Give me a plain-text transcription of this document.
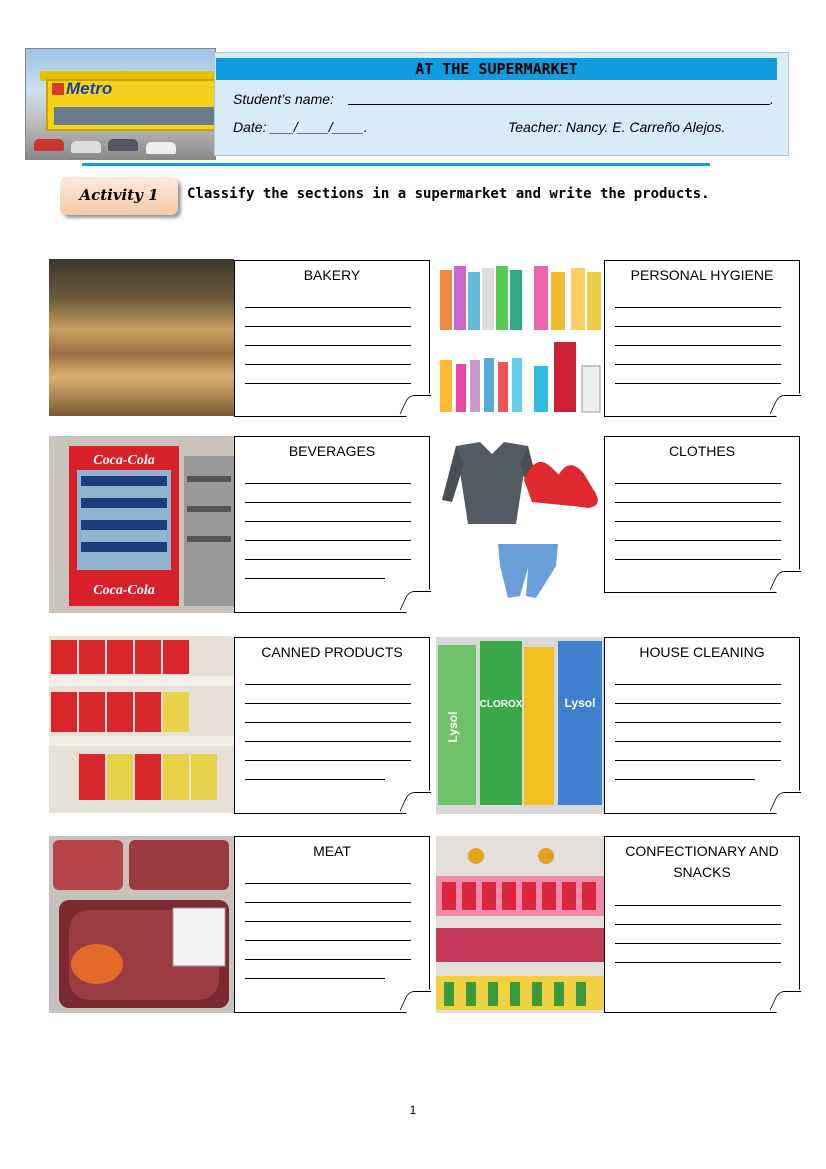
Metro
AT THE SUPERMARKET
Student’s name:	.
Date: ___/____/____.	Teacher: Nancy. E. Carreño Alejos.
Activity 1	Classify the sections in a supermarket and write the products.
BAKERY	PERSONAL HYGIENE
Coca-Cola
Coca-Cola
BEVERAGES	CLOTHES
CANNED PRODUCTS
Lysol
CLOROX	Lysol
HOUSE CLEANING
MEAT	CONFECTIONARY AND SNACKS
1
